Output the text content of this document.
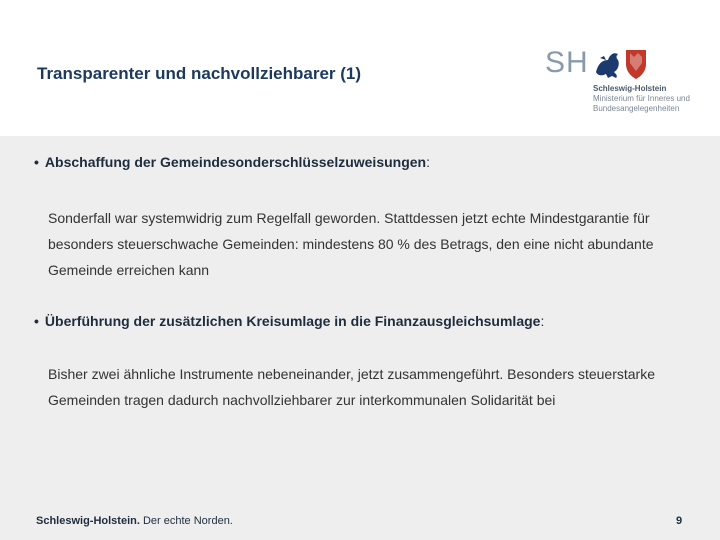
Transparenter und nachvollziehbarer (1)	SH
Schleswig-Holstein
Ministerium für Inneres und
Bundesangelegenheiten
• Abschaffung der Gemeindesonderschlüsselzuweisungen:
Sonderfall war systemwidrig zum Regelfall geworden. Stattdessen jetzt echte Mindestgarantie für besonders steuerschwache Gemeinden: mindestens 80 % des Betrags, den eine nicht abundante Gemeinde erreichen kann
• Überführung der zusätzlichen Kreisumlage in die Finanzausgleichsumlage:
Bisher zwei ähnliche Instrumente nebeneinander, jetzt zusammengeführt. Besonders steuerstarke Gemeinden tragen dadurch nachvollziehbarer zur interkommunalen Solidarität bei
Schleswig-Holstein. Der echte Norden.	9
